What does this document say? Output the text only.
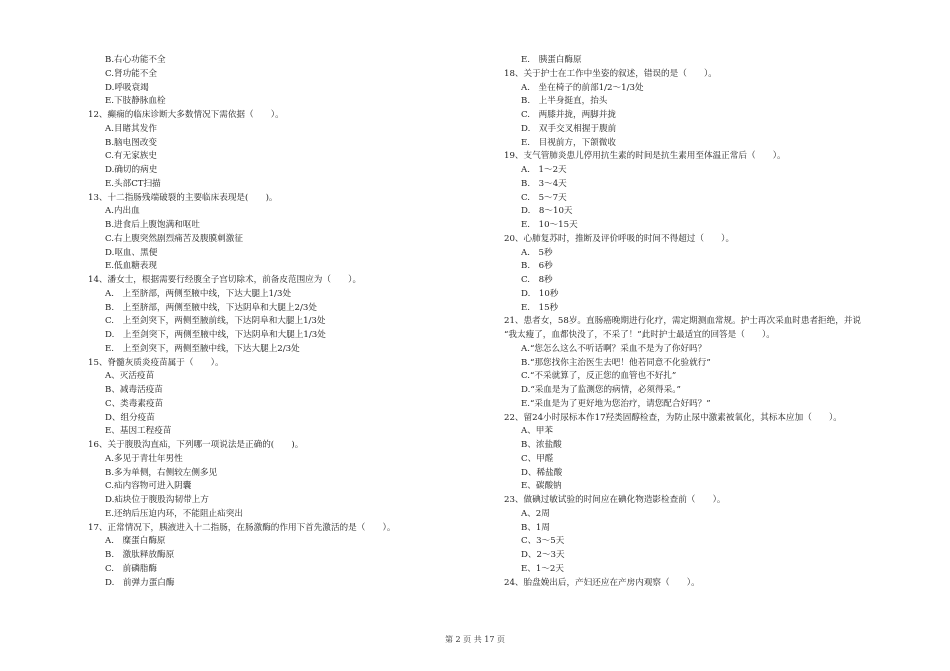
B.右心功能不全
C.肾功能不全
D.呼吸衰竭
E.下肢静脉血栓
12、癫痫的临床诊断大多数情况下需依据（　　）。
A.目睹其发作
B.脑电图改变
C.有无家族史
D.确切的病史
E.头部CT扫描
13、十二指肠残端破裂的主要临床表现是(　　)。
A.内出血
B.进食后上腹饱满和呕吐
C.右上腹突然剧烈痛苦及腹膜刺激征
D.呕血、黑便
E.低血糖表现
14、潘女士，根据需要行经腹全子宫切除术，前备皮范围应为（　　）。
A.　上至脐部，两侧至腋中线，下达大腿上1/3处
B.　上至脐部，两侧至腋中线，下达阴阜和大腿上2/3处
C.　上至剑突下，两侧至腋前线，下达阴阜和大腿上1/3处
D.　上至剑突下，两侧至腋中线，下达阴阜和大腿上1/3处
E.　上至剑突下，两侧至腋中线，下达大腿上2/3处
15、脊髓灰质炎疫苗属于（　　）。
A、灭活疫苗
B、减毒活疫苗
C、类毒素疫苗
D、组分疫苗
E、基因工程疫苗
16、关于腹股沟直疝，下列哪一项说法是正确的(　　)。
A.多见于青壮年男性
B.多为单侧，右侧较左侧多见
C.疝内容物可进入阴囊
D.疝块位于腹股沟韧带上方
E.还纳后压迫内环，不能阻止疝突出
17、正常情况下，胰液进入十二指肠，在肠激酶的作用下首先激活的是（　　）。
A.　糜蛋白酶原
B.　激肽释放酶原
C.　前磷脂酶
D.　前弹力蛋白酶
E.　胰蛋白酶原
18、关于护士在工作中坐姿的叙述，错误的是（　　）。
A.　坐在椅子的前部1/2～1/3处
B.　上半身挺直，抬头
C.　两膝并拢，两脚并拢
D.　双手交叉相握于腹前
E.　目视前方，下颌微收
19、支气管肺炎患儿停用抗生素的时间是抗生素用至体温正常后（　　）。
A.　1～2天
B.　3～4天
C.　5～7天
D.　8～10天
E.　10～15天
20、心肺复苏时，推断及评价呼吸的时间不得超过（　　）。
A.　5秒
B.　6秒
C.　8秒
D.　10秒
E.　15秒
21、患者女，58岁。直肠癌晚期进行化疗，需定期测血常规。护士再次采血时患者拒绝，并说
“我太瘦了，血都快没了，不采了！”此时护士最适宜的回答是（　　）。
A.“您怎么这么不听话啊？采血不是为了你好吗？
B.“那您找你主治医生去吧！他若同意不化验就行”
C.“不采就算了，反正您的血管也不好扎”
D.“采血是为了监测您的病情，必须得采。”
E.“采血是为了更好地为您治疗，请您配合好吗？”
22、留24小时尿标本作17羟类固醇检查，为防止尿中激素被氧化，其标本应加（　　）。
A、甲苯
B、浓盐酸
C、甲醛
D、稀盐酸
E、碳酸钠
23、做碘过敏试验的时间应在碘化物造影检查前（　　）。
A、2周
B、1周
C、3～5天
D、2～3天
E、1～2天
24、胎盘娩出后，产妇还应在产房内观察（　　）。
第 2 页 共 17 页
